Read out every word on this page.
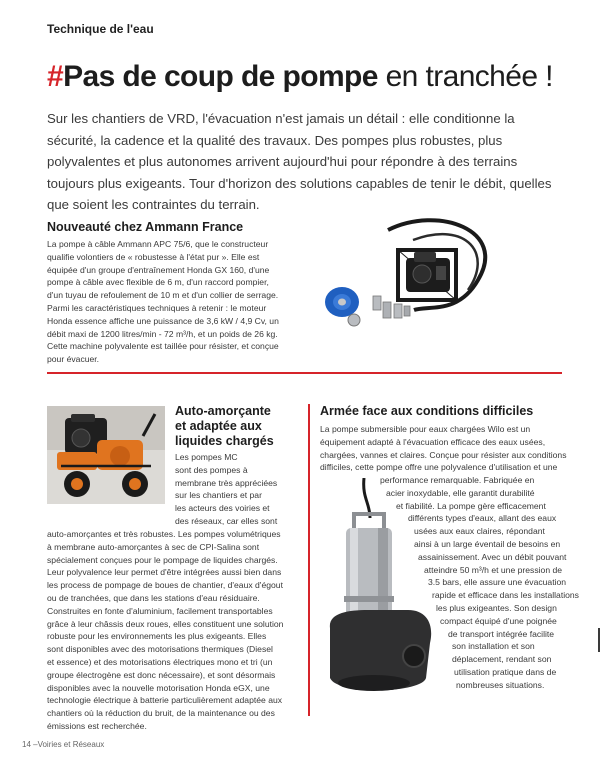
Technique de l'eau
#Pas de coup de pompe en tranchée !

Sur les chantiers de VRD, l'évacuation n'est jamais un détail : elle conditionne la sécurité, la cadence et la qualité des travaux. Des pompes plus robustes, plus polyvalentes et plus autonomes arrivent aujourd'hui pour répondre à des terrains toujours plus exigeants. Tour d'horizon des solutions capables de tenir le débit, quelles que soient les contraintes du terrain.

Nouveauté chez Ammann France

La pompe à câble Ammann APC 75/6, que le constructeur

qualifie volontiers de « robustesse à l'état pur ». Elle est

équipée d'un groupe d'entraînement Honda GX 160, d'une

pompe à câble avec flexible de 6 m, d'un raccord pompier,

d'un tuyau de refoulement de 10 m et d'un collier de serrage.

Parmi les caractéristiques techniques à retenir : le moteur

Honda essence affiche une puissance de 3,6 kW / 4,9 Cv, un

débit maxi de 1200 litres/min - 72 m³/h, et un poids de 26 kg.

Cette machine polyvalente est taillée pour résister, et conçue

pour évacuer.

Auto-amorçante
et adaptée aux
liquides chargés

Les pompes MC

sont des pompes à

membrane très appréciées

sur les chantiers et par

les acteurs des voiries et

des réseaux, car elles sont

auto-amorçantes et très robustes. Les pompes volumétriques

à membrane auto-amorçantes à sec de CPI-Salina sont

spécialement conçues pour le pompage de liquides chargés.

Leur polyvalence leur permet d'être intégrées aussi bien dans

les process de pompage de boues de chantier, d'eaux d'égout

ou de tranchées, que dans les stations d'eau résiduaire.

Construites en fonte d'aluminium, facilement transportables

grâce à leur châssis deux roues, elles constituent une solution

robuste pour les environnements les plus exigeants. Elles

sont disponibles avec des motorisations thermiques (Diesel

et essence) et des motorisations électriques mono et tri (un

groupe électrogène est donc nécessaire), et sont désormais

disponibles avec la nouvelle motorisation Honda eGX, une

technologie électrique à batterie particulièrement adaptée aux

chantiers où la réduction du bruit, de la maintenance ou des

émissions est recherchée.

Armée face aux conditions difficiles

La pompe submersible pour eaux chargées Wilo est un

équipement adapté à l'évacuation efficace des eaux usées,

chargées, vannes et claires. Conçue pour résister aux conditions

difficiles, cette pompe offre une polyvalence d'utilisation et une

performance remarquable. Fabriquée en

acier inoxydable, elle garantit durabilité

et fiabilité. La pompe gère efficacement

différents types d'eaux, allant des eaux

usées aux eaux claires, répondant

ainsi à un large éventail de besoins en

assainissement. Avec un débit pouvant

atteindre 50 m³/h et une pression de

3.5 bars, elle assure une évacuation

rapide et efficace dans les installations

les plus exigeantes. Son design

compact équipé d'une poignée

de transport intégrée facilite

son installation et son

déplacement, rendant son

utilisation pratique dans de

nombreuses situations.

14 –Voiries et Réseaux
